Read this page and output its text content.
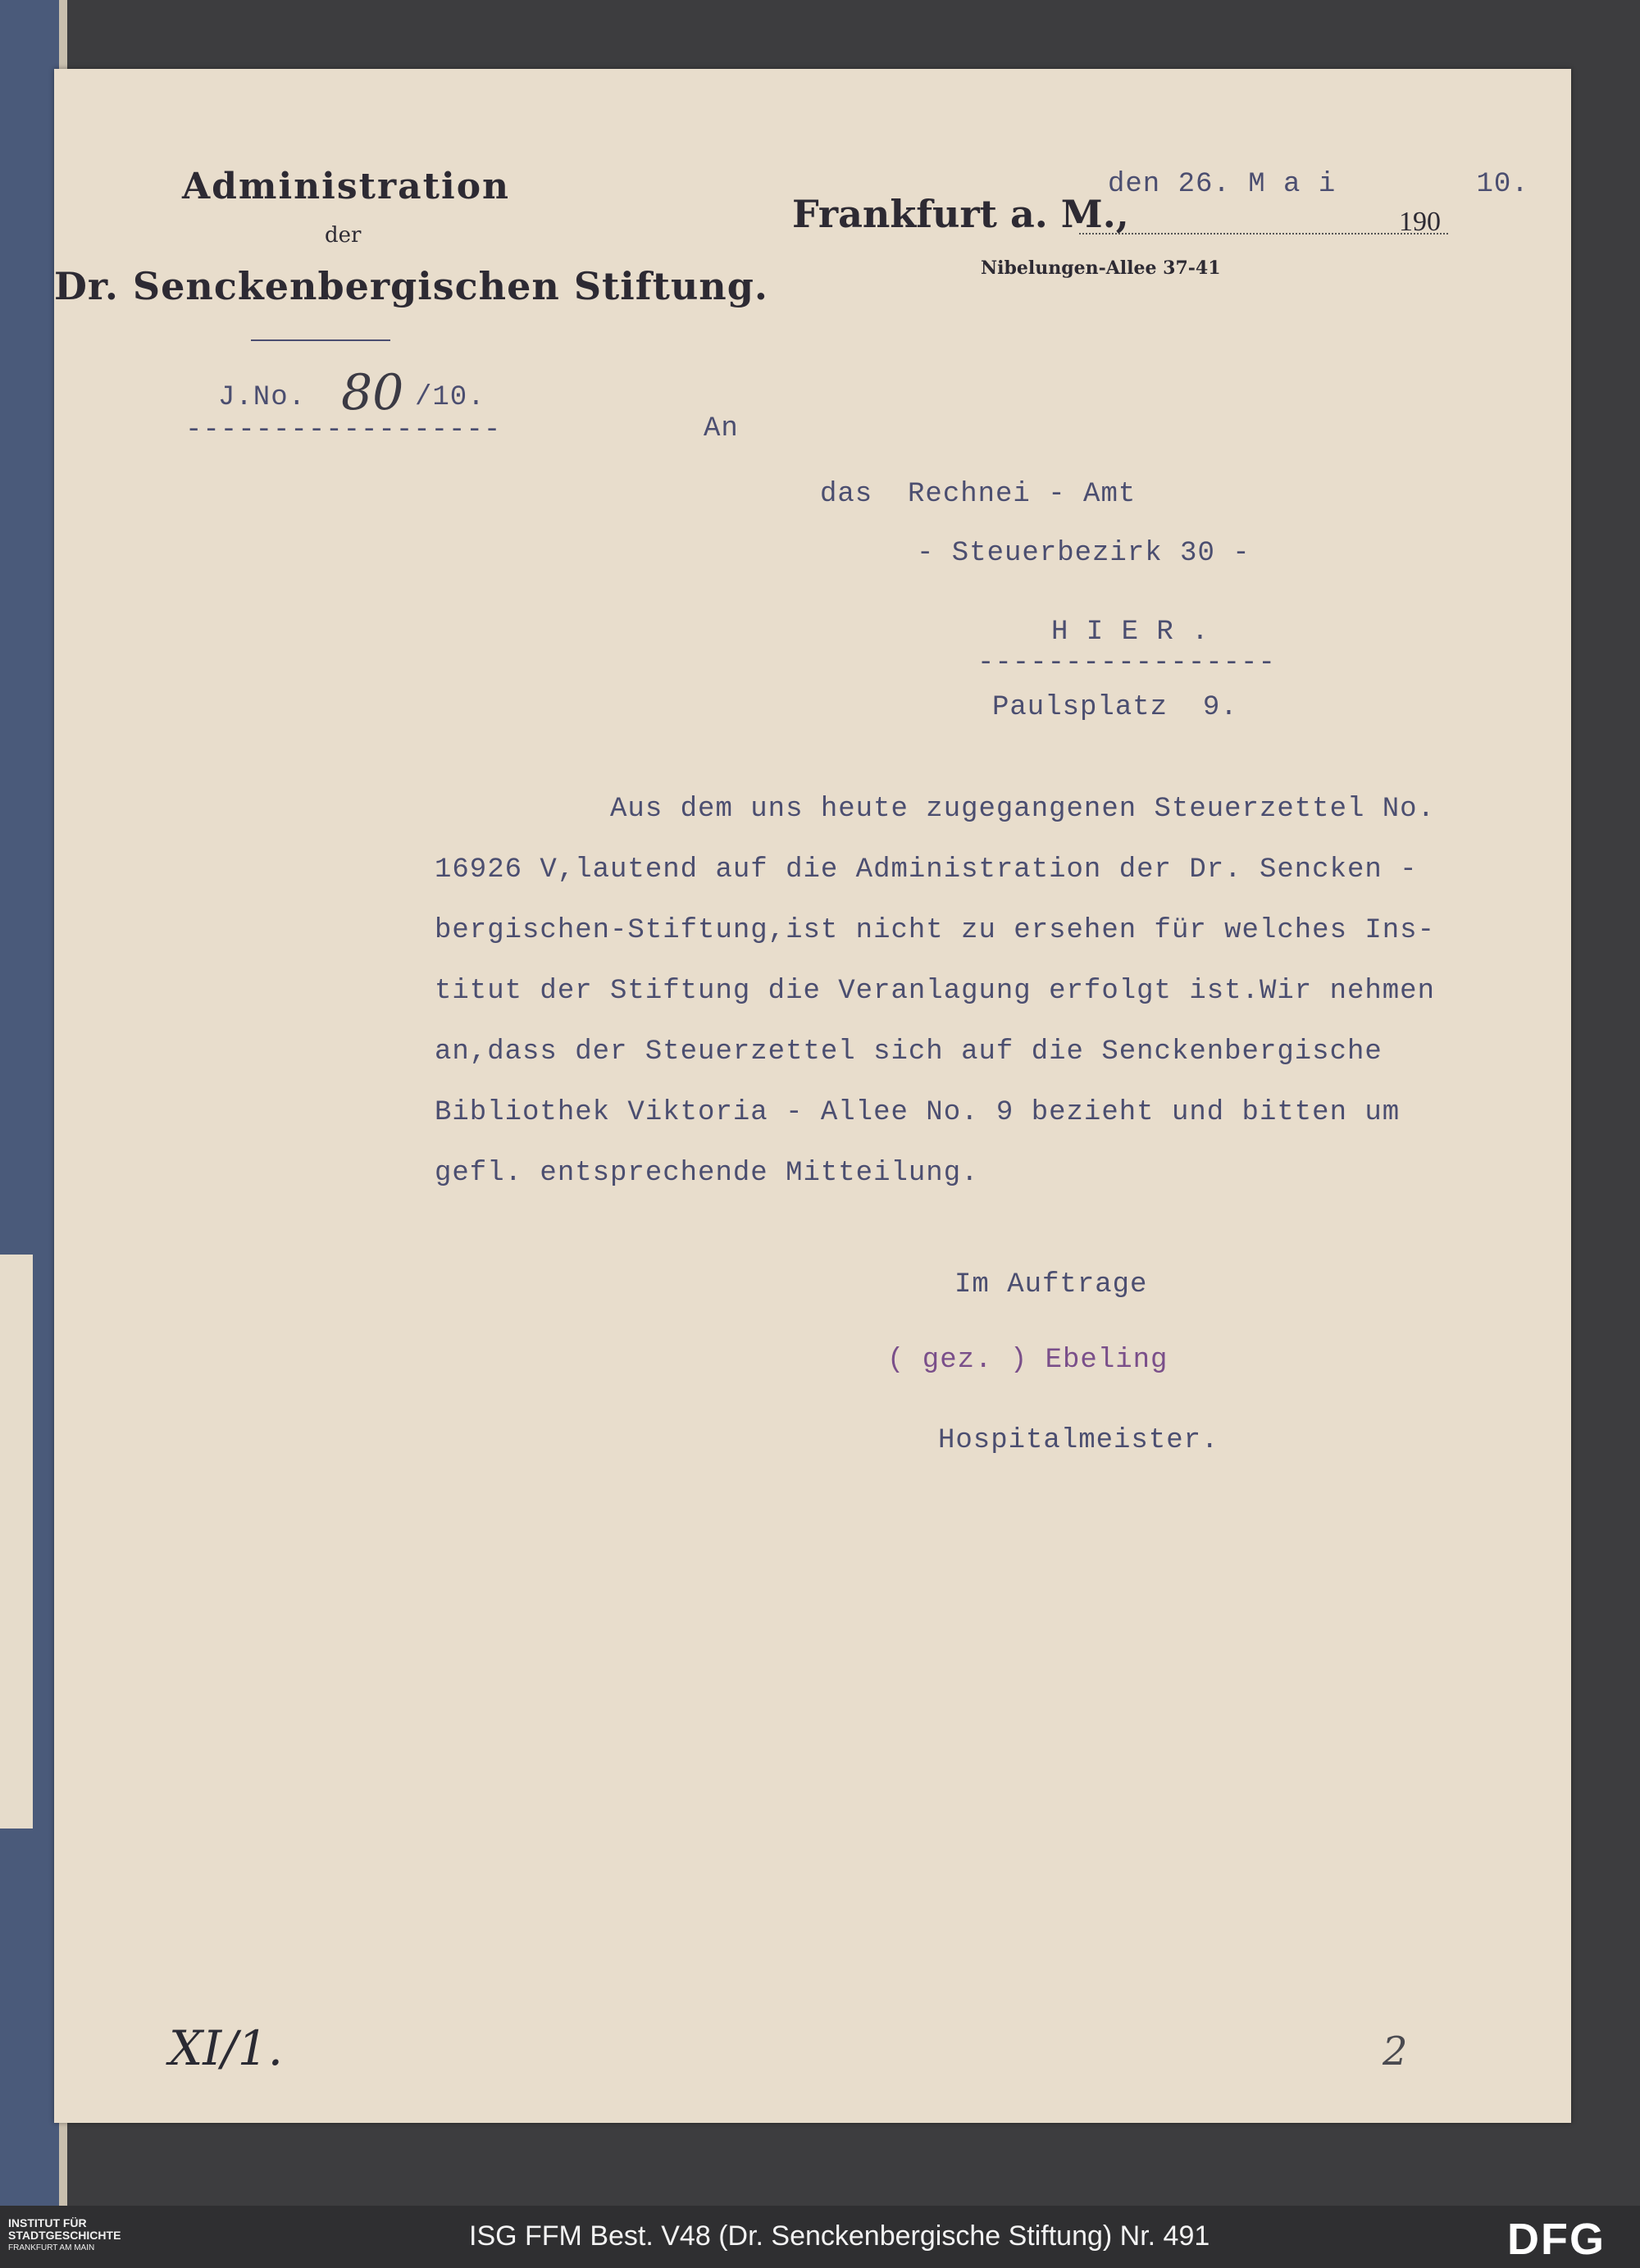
Administration
der
Dr. Senckenbergischen Stiftung.
J.No. 80 /10.
------------------
den 26. M a i        10.
Frankfurt a. M.,	190
Nibelungen-Allee 37-41
An
das  Rechnei - Amt
- Steuerbezirk 30 -
H I E R .
-----------------
Paulsplatz  9.
Aus dem uns heute zugegangenen Steuerzettel No.
16926 V,lautend auf die Administration der Dr. Sencken -
bergischen-Stiftung,ist nicht zu ersehen für welches Ins-
titut der Stiftung die Veranlagung erfolgt ist.Wir nehmen
an,dass der Steuerzettel sich auf die Senckenbergische
Bibliothek Viktoria - Allee No. 9 bezieht und bitten um
gefl. entsprechende Mitteilung.
Im Auftrage
( gez. ) Ebeling
Hospitalmeister.
XI/1.	2
INSTITUT FÜR
STADTGESCHICHTE
FRANKFURT AM MAIN	ISG FFM Best. V48 (Dr. Senckenbergische Stiftung) Nr. 491	DFG
